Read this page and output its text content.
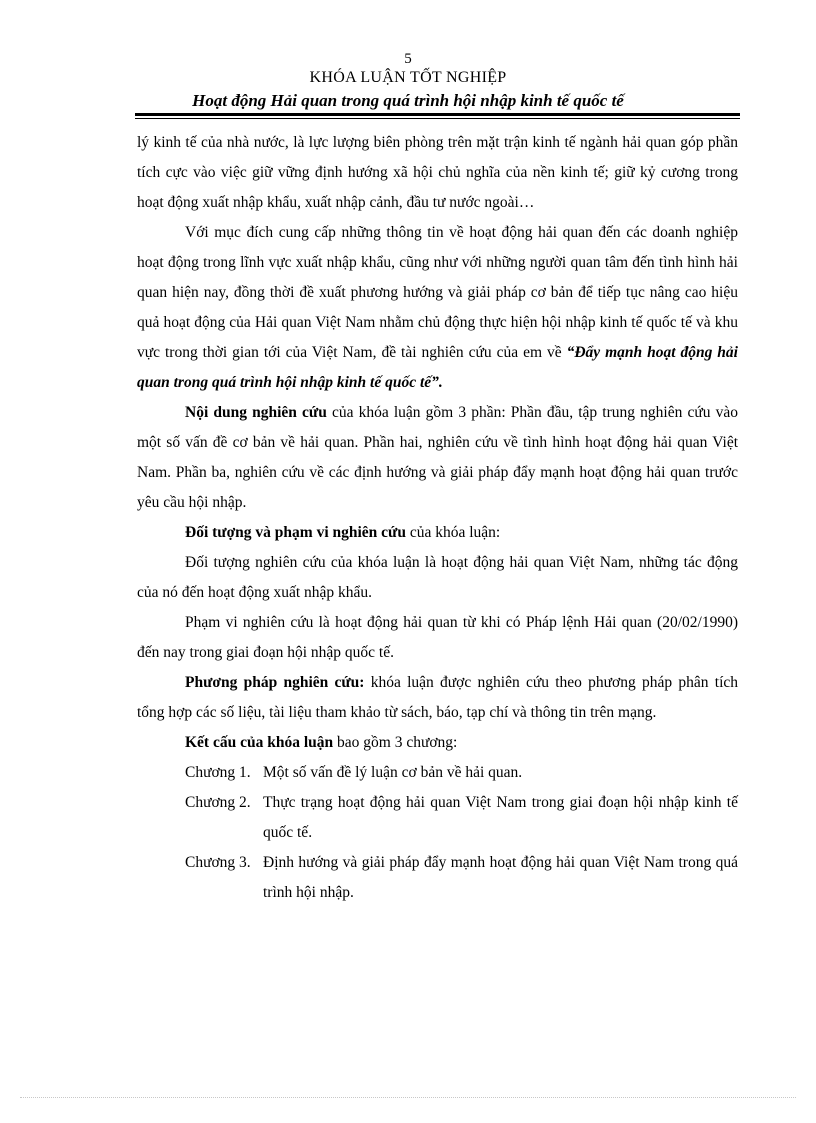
5
KHÓA LUẬN TỐT NGHIỆP
Hoạt động Hải quan trong quá trình hội nhập kinh tế quốc tế

lý kinh tế của nhà nước, là lực lượng biên phòng trên mặt trận kinh tế ngành hải quan góp phần tích cực vào việc giữ vững định hướng xã hội chủ nghĩa của nền kinh tế; giữ kỷ cương trong hoạt động xuất nhập khẩu, xuất nhập cảnh, đầu tư nước ngoài…

Với mục đích cung cấp những thông tin về hoạt động hải quan đến các doanh nghiệp hoạt động trong lĩnh vực xuất nhập khẩu, cũng như với những người quan tâm đến tình hình hải quan hiện nay, đồng thời đề xuất phương hướng và giải pháp cơ bản để tiếp tục nâng cao hiệu quả hoạt động của Hải quan Việt Nam nhằm chủ động thực hiện hội nhập kinh tế quốc tế và khu vực trong thời gian tới của Việt Nam, đề tài nghiên cứu của em về “Đẩy mạnh hoạt động hải quan trong quá trình hội nhập kinh tế quốc tế”.

Nội dung nghiên cứu của khóa luận gồm 3 phần: Phần đầu, tập trung nghiên cứu vào một số vấn đề cơ bản về hải quan. Phần hai, nghiên cứu về tình hình hoạt động hải quan Việt Nam. Phần ba, nghiên cứu về các định hướng và giải pháp đẩy mạnh hoạt động hải quan trước yêu cầu hội nhập.

Đối tượng và phạm vi nghiên cứu của khóa luận:

Đối tượng nghiên cứu của khóa luận là hoạt động hải quan Việt Nam, những tác động của nó đến hoạt động xuất nhập khẩu.

Phạm vi nghiên cứu là hoạt động hải quan từ khi có Pháp lệnh Hải quan (20/02/1990) đến nay trong giai đoạn hội nhập quốc tế.

Phương pháp nghiên cứu: khóa luận được nghiên cứu theo phương pháp phân tích tổng hợp các số liệu, tài liệu tham khảo từ sách, báo, tạp chí và thông tin trên mạng.

Kết cấu của khóa luận bao gồm 3 chương:

Chương 1. Một số vấn đề lý luận cơ bản về hải quan.
Chương 2. Thực trạng hoạt động hải quan Việt Nam trong giai đoạn hội nhập kinh tế quốc tế.
Chương 3. Định hướng và giải pháp đẩy mạnh hoạt động hải quan Việt Nam trong quá trình hội nhập.
